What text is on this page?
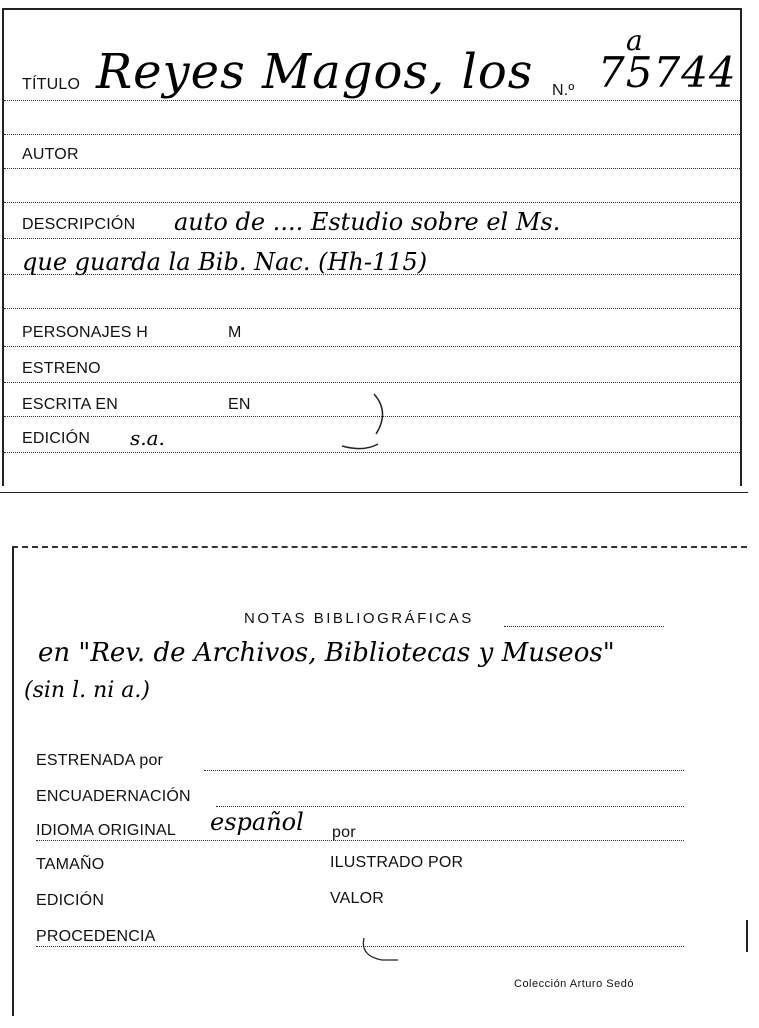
TÍTULO Reyes Magos, los N.º
a
75744
AUTOR
DESCRIPCIÓN auto de .... Estudio sobre el Ms.
que guarda la Bib. Nac. (Hh-115)
PERSONAJES H	M
ESTRENO
ESCRITA EN	EN
EDICIÓN s.a.
NOTAS BIBLIOGRÁFICAS
en "Rev. de Archivos, Bibliotecas y Museos"
(sin l. ni a.)
ESTRENADA por
ENCUADERNACIÓN
IDIOMA ORIGINAL español por
TAMAÑO	ILUSTRADO POR
EDICIÓN	VALOR
PROCEDENCIA
Colección Arturo Sedó
